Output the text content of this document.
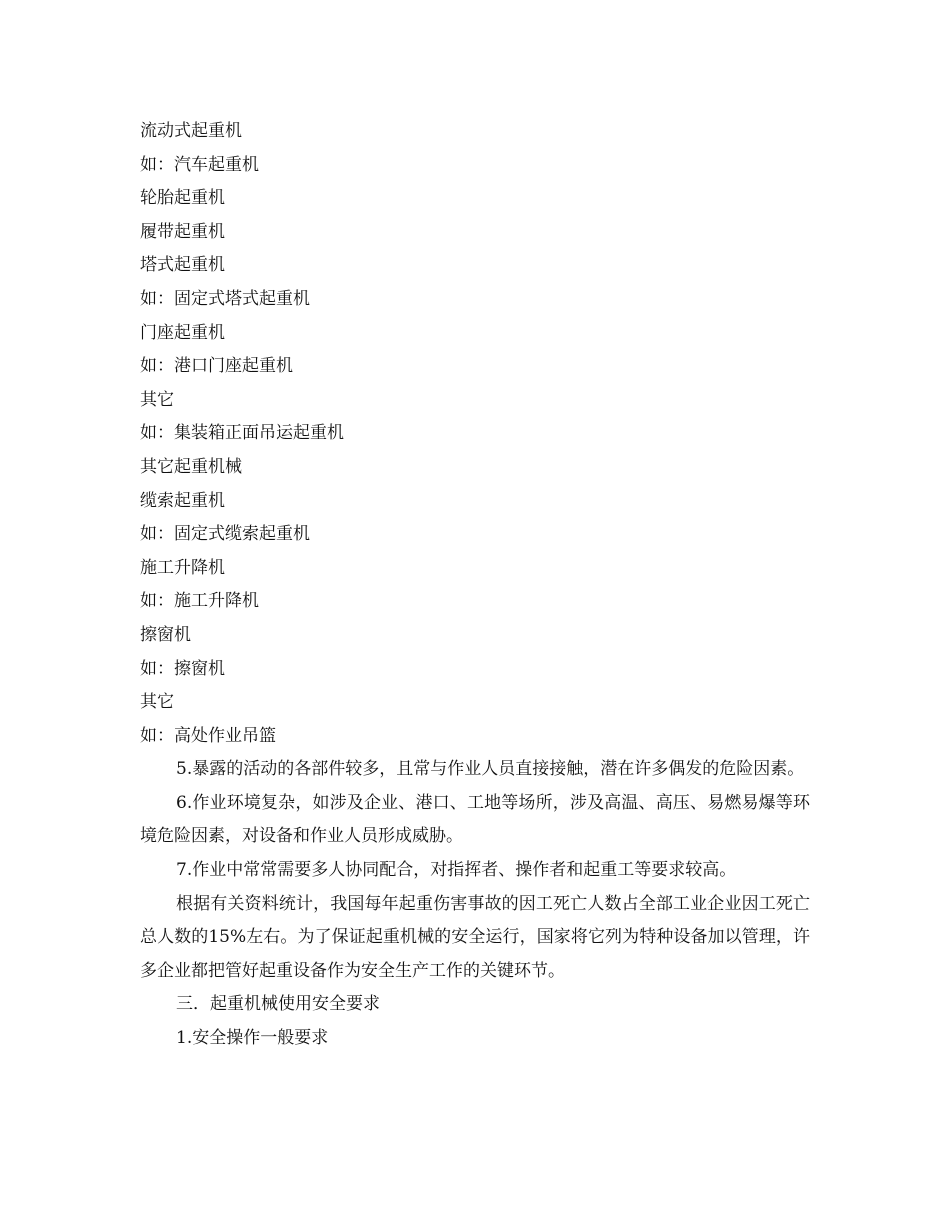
流动式起重机

如：汽车起重机

轮胎起重机

履带起重机

塔式起重机

如：固定式塔式起重机

门座起重机

如：港口门座起重机

其它

如：集装箱正面吊运起重机

其它起重机械

缆索起重机

如：固定式缆索起重机

施工升降机

如：施工升降机

擦窗机

如：擦窗机

其它

如：高处作业吊篮

5.暴露的活动的各部件较多，且常与作业人员直接接触，潜在许多偶发的危险因素。

6.作业环境复杂，如涉及企业、港口、工地等场所，涉及高温、高压、易燃易爆等环境危险因素，对设备和作业人员形成威胁。

7.作业中常常需要多人协同配合，对指挥者、操作者和起重工等要求较高。

根据有关资料统计，我国每年起重伤害事故的因工死亡人数占全部工业企业因工死亡总人数的15%左右。为了保证起重机械的安全运行，国家将它列为特种设备加以管理，许多企业都把管好起重设备作为安全生产工作的关键环节。

三．起重机械使用安全要求

1.安全操作一般要求
